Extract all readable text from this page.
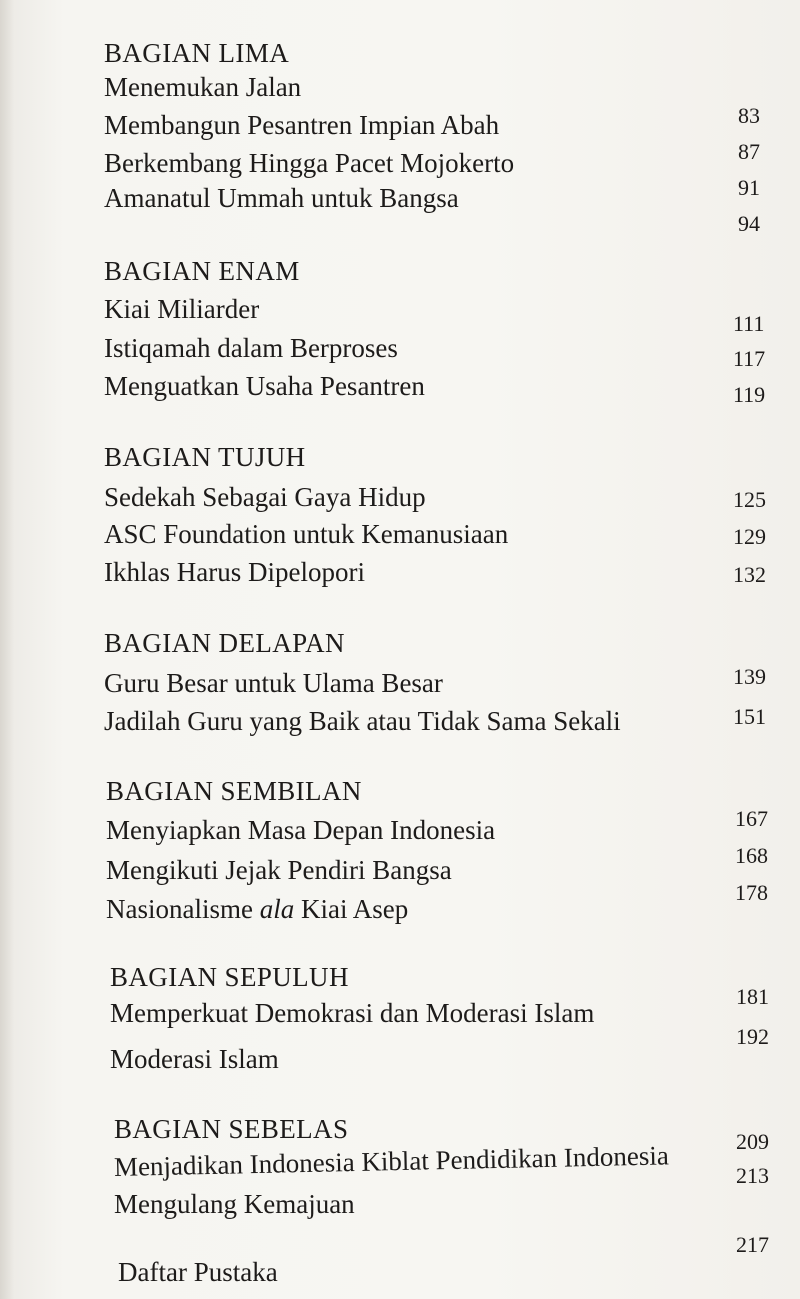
BAGIAN LIMA
Menemukan Jalan
Membangun Pesantren Impian Abah
Berkembang Hingga Pacet Mojokerto
Amanatul Ummah untuk Bangsa
83
87
91
94
BAGIAN ENAM
Kiai Miliarder
Istiqamah dalam Berproses
Menguatkan Usaha Pesantren
111
117
119
BAGIAN TUJUH
Sedekah Sebagai Gaya Hidup
ASC Foundation untuk Kemanusiaan
Ikhlas Harus Dipelopori
125
129
132
BAGIAN DELAPAN
Guru Besar untuk Ulama Besar
Jadilah Guru yang Baik atau Tidak Sama Sekali
139
151
BAGIAN SEMBILAN
Menyiapkan Masa Depan Indonesia
Mengikuti Jejak Pendiri Bangsa
Nasionalisme ala Kiai Asep
167
168
178
BAGIAN SEPULUH
Memperkuat Demokrasi dan Moderasi Islam
Moderasi Islam
181
192
BAGIAN SEBELAS
Menjadikan Indonesia Kiblat Pendidikan Indonesia
Mengulang Kemajuan
209
213
Daftar Pustaka
217
